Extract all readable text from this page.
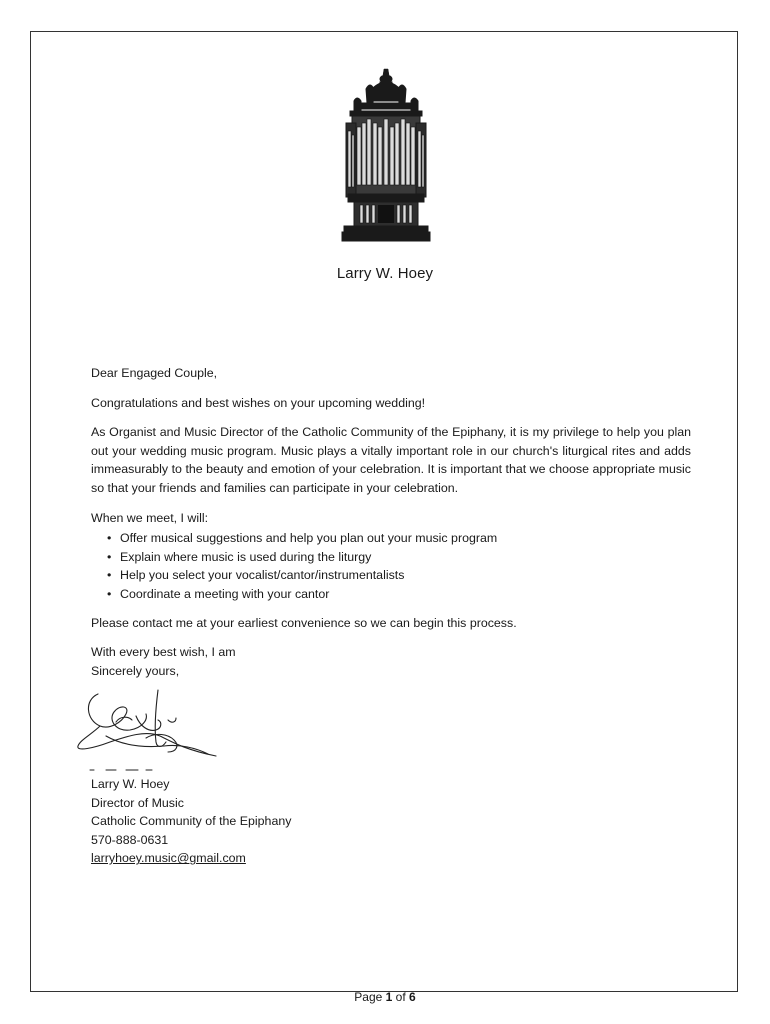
Larry W. Hoey

Dear Engaged Couple,

Congratulations and best wishes on your upcoming wedding!

As Organist and Music Director of the Catholic Community of the Epiphany, it is my privilege to help you plan out your wedding music program. Music plays a vitally important role in our church's liturgical rites and adds immeasurably to the beauty and emotion of your celebration. It is important that we choose appropriate music so that your friends and families can participate in your celebration.

When we meet, I will:

• Offer musical suggestions and help you plan out your music program
• Explain where music is used during the liturgy
• Help you select your vocalist/cantor/instrumentalists
• Coordinate a meeting with your cantor

Please contact me at your earliest convenience so we can begin this process.

With every best wish, I am

Sincerely yours,

Larry W. Hoey
Director of Music
Catholic Community of the Epiphany
570-888-0631
larryhoey.music@gmail.com
Page 1 of 6
